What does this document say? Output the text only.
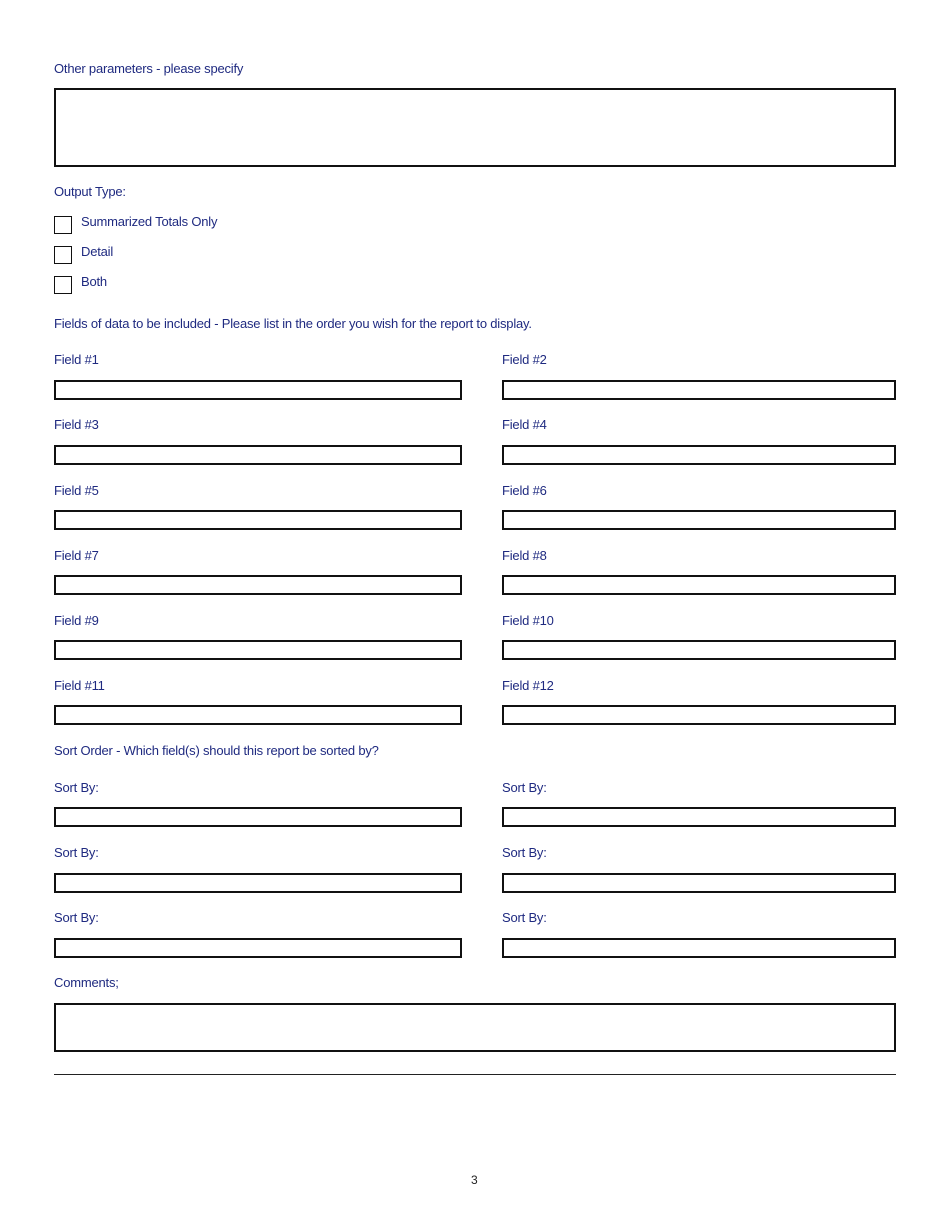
Other parameters - please specify
Output Type:
Summarized Totals Only
Detail
Both
Fields of data to be included - Please list in the order you wish for the report to display.
Field #1	Field #2
Field #3	Field #4
Field #5	Field #6
Field #7	Field #8
Field #9	Field #10
Field #11	Field #12
Sort Order - Which field(s) should this report be sorted by?
Sort By:	Sort By:
Sort By:	Sort By:
Sort By:	Sort By:
Comments;
3
